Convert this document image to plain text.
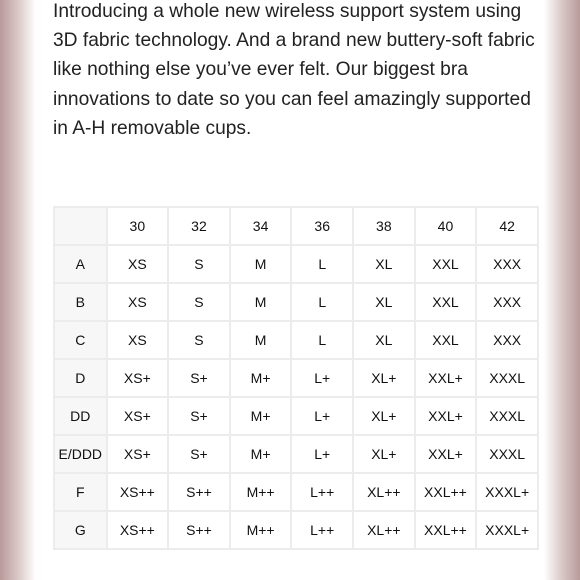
Introducing a whole new wireless support system using 3D fabric technology. And a brand new buttery-soft fabric like nothing else you’ve ever felt. Our biggest bra innovations to date so you can feel amazingly supported in A-H removable cups.

	30	32	34	36	38	40	42
A	XS	S	M	L	XL	XXL	XXX
B	XS	S	M	L	XL	XXL	XXX
C	XS	S	M	L	XL	XXL	XXX
D	XS+	S+	M+	L+	XL+	XXL+	XXXL
DD	XS+	S+	M+	L+	XL+	XXL+	XXXL
E/DDD	XS+	S+	M+	L+	XL+	XXL+	XXXL
F	XS++	S++	M++	L++	XL++	XXL++	XXXL+
G	XS++	S++	M++	L++	XL++	XXL++	XXXL+
